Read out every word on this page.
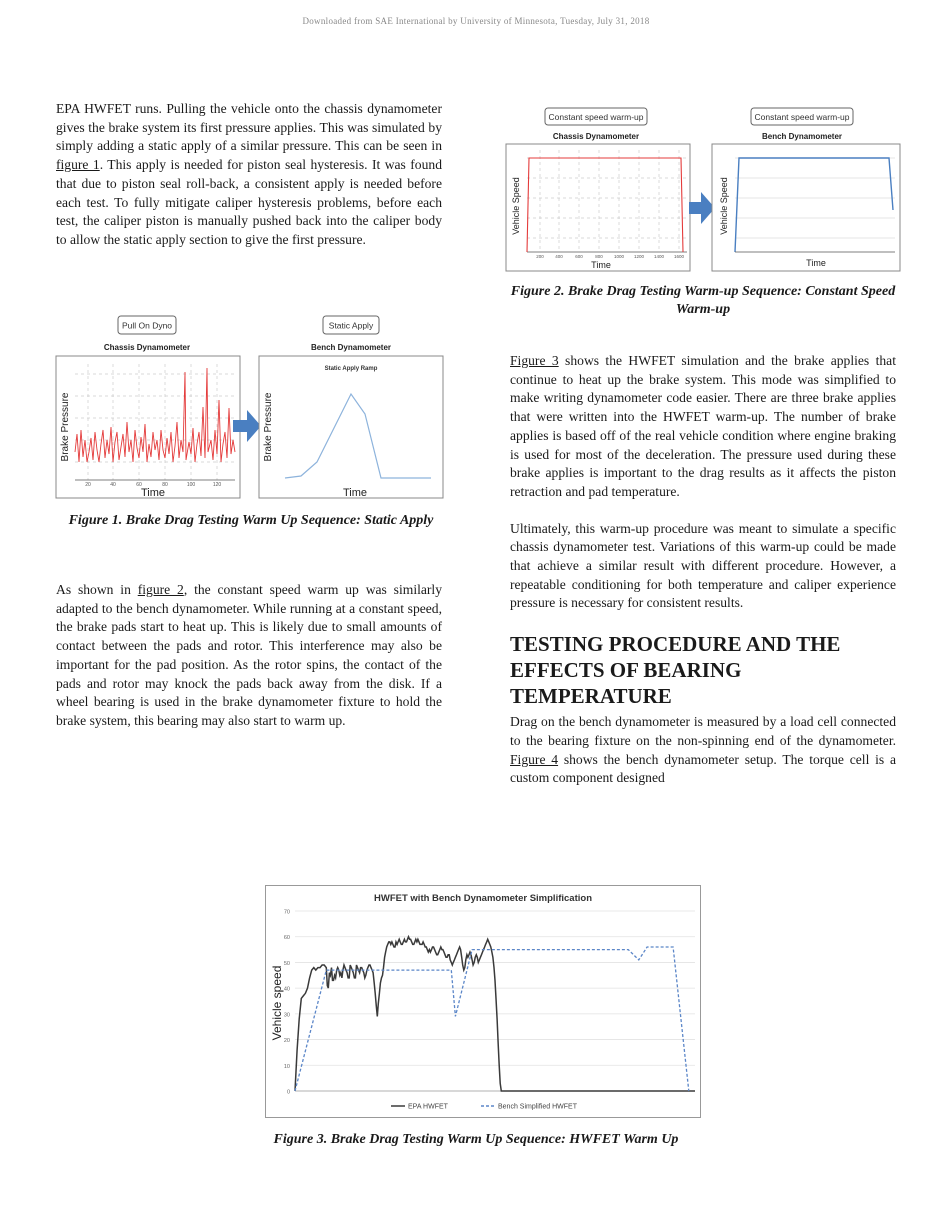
Downloaded from SAE International by University of Minnesota, Tuesday, July 31, 2018

EPA HWFET runs. Pulling the vehicle onto the chassis dynamometer gives the brake system its first pressure applies. This was simulated by simply adding a static apply of a similar pressure. This can be seen in figure 1. This apply is needed for piston seal hysteresis. It was found that due to piston seal roll-back, a consistent apply is needed before each test. To fully mitigate caliper hysteresis problems, before each test, the caliper piston is manually pushed back into the caliper body to allow the static apply section to give the first pressure.

Pull On Dyno
Chassis Dynamometer
20	40	60	80	100	120
Brake Pressure
Time
Static Apply
Bench Dynamometer
Static Apply Ramp
Brake Pressure
Time
Figure 1. Brake Drag Testing Warm Up Sequence: Static Apply

As shown in figure 2, the constant speed warm up was similarly adapted to the bench dynamometer. While running at a constant speed, the brake pads start to heat up. This is likely due to small amounts of contact between the pads and rotor. This interference may also be important for the pad position. As the rotor spins, the contact of the pads and rotor may knock the pads back away from the disk. If a wheel bearing is used in the brake dynamometer fixture to hold the brake system, this bearing may also start to warm up.

Constant speed warm-up
Chassis Dynamometer
200	400	600	800 1000 1200 1400 1600
Vehicle Speed
Time
Constant speed warm-up
Bench Dynamometer
Vehicle Speed
Time
Figure 2. Brake Drag Testing Warm-up Sequence: Constant Speed Warm-up

Figure 3 shows the HWFET simulation and the brake applies that continue to heat up the brake system. This mode was simplified to make writing dynamometer code easier. There are three brake applies that were written into the HWFET warm-up. The number of brake applies is based off of the real vehicle condition where engine braking is used for most of the deceleration. The pressure used during these brake applies is important to the drag results as it affects the piston retraction and pad temperature.

Ultimately, this warm-up procedure was meant to simulate a specific chassis dynamometer test. Variations of this warm-up could be made that achieve a similar result with different procedure. However, a repeatable conditioning for both temperature and caliper experience pressure is necessary for consistent results.

TESTING PROCEDURE AND THE EFFECTS OF BEARING TEMPERATURE

Drag on the bench dynamometer is measured by a load cell connected to the bearing fixture on the non-spinning end of the dynamometer. Figure 4 shows the bench dynamometer setup. The torque cell is a custom component designed

HWFET with Bench Dynamometer Simplification
Vehicle speed
0
10
20
30
40
50
60
70
EPA HWFET	Bench Simplified HWFET
Figure 3. Brake Drag Testing Warm Up Sequence: HWFET Warm Up
